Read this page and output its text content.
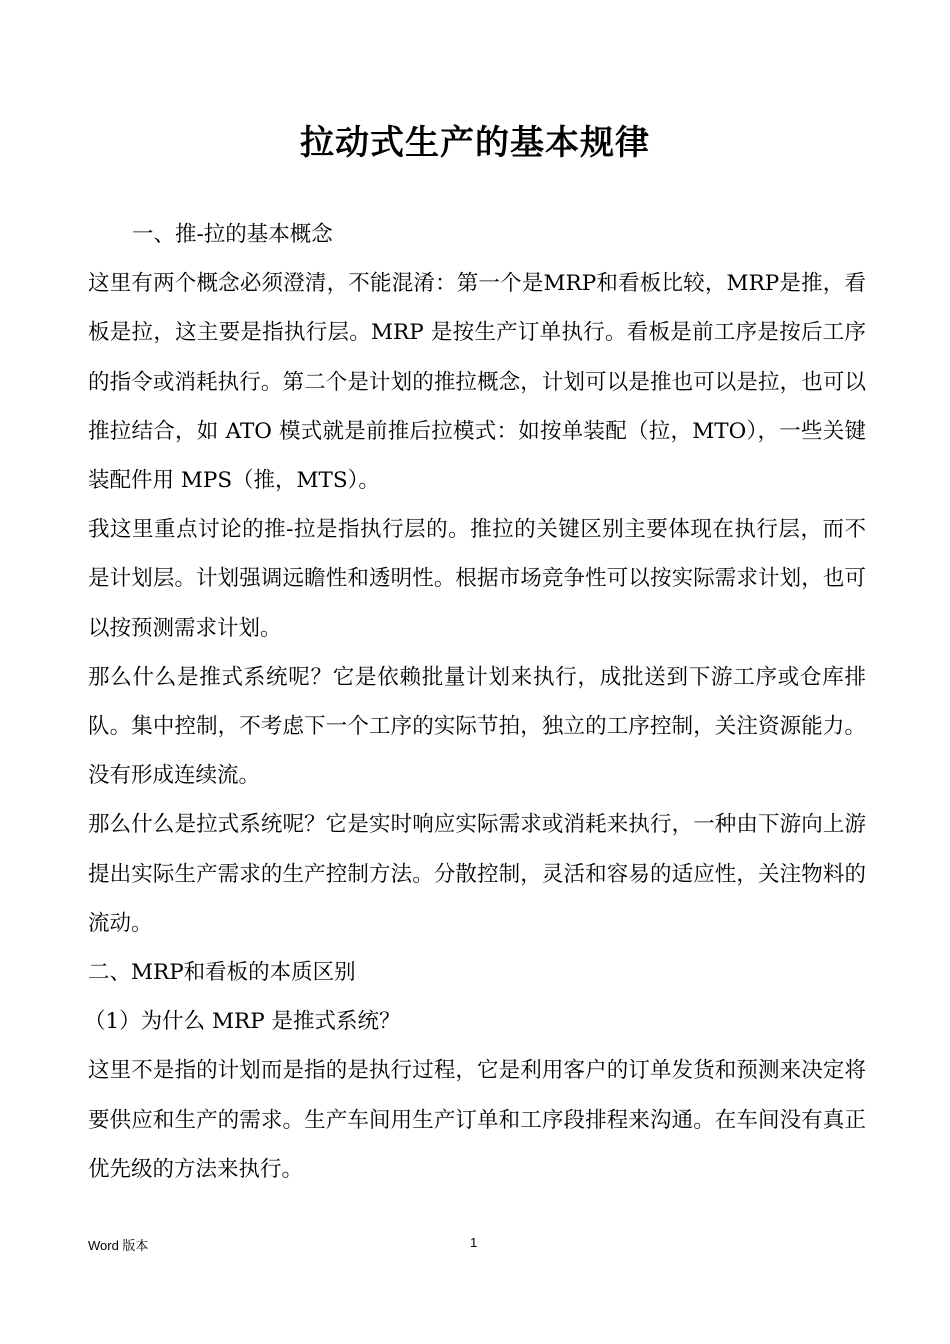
拉动式生产的基本规律

一、推-拉的基本概念

这里有两个概念必须澄清，不能混淆：第一个是MRP和看板比较，MRP是推，看板是拉，这主要是指执行层。MRP 是按生产订单执行。看板是前工序是按后工序的指令或消耗执行。第二个是计划的推拉概念，计划可以是推也可以是拉，也可以推拉结合，如 ATO 模式就是前推后拉模式：如按单装配（拉，MTO），一些关键装配件用 MPS（推，MTS）。

我这里重点讨论的推-拉是指执行层的。推拉的关键区别主要体现在执行层，而不是计划层。计划强调远瞻性和透明性。根据市场竞争性可以按实际需求计划，也可以按预测需求计划。

那么什么是推式系统呢？它是依赖批量计划来执行，成批送到下游工序或仓库排队。集中控制，不考虑下一个工序的实际节拍，独立的工序控制，关注资源能力。没有形成连续流。

那么什么是拉式系统呢？它是实时响应实际需求或消耗来执行，一种由下游向上游提出实际生产需求的生产控制方法。分散控制，灵活和容易的适应性，关注物料的流动。

二、MRP和看板的本质区别

（1）为什么 MRP 是推式系统？

这里不是指的计划而是指的是执行过程，它是利用客户的订单发货和预测来决定将要供应和生产的需求。生产车间用生产订单和工序段排程来沟通。在车间没有真正优先级的方法来执行。

Word 版本	1
